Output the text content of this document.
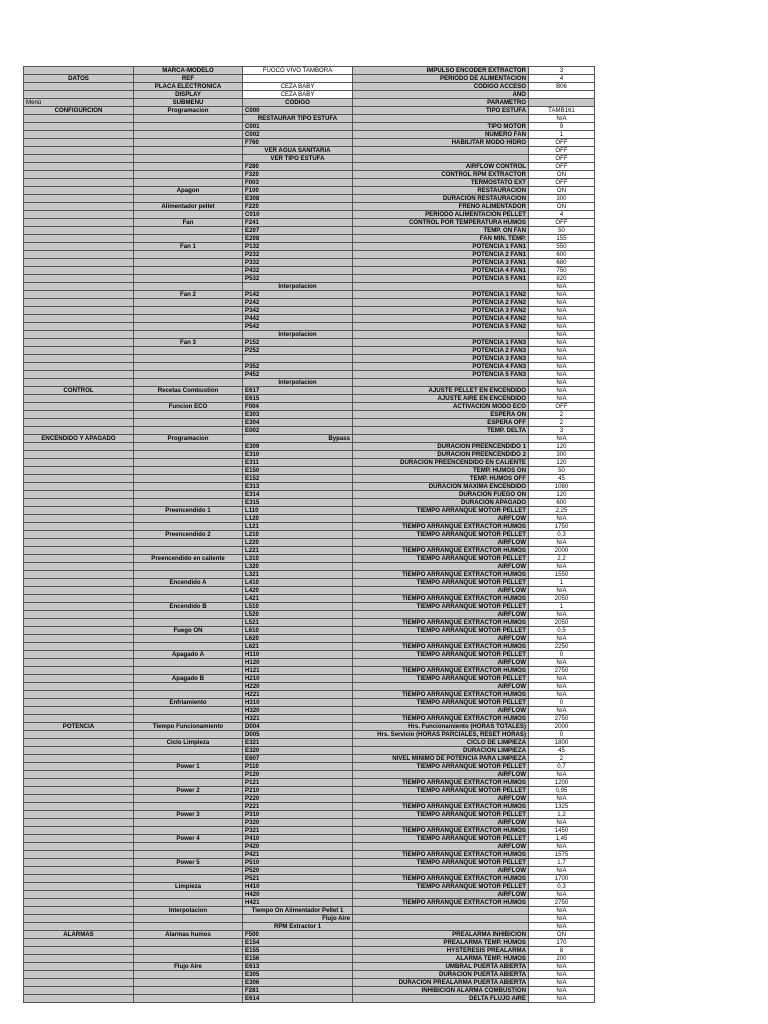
	MARCA-MODELO	FUOCO VIVO TAMBORA	IMPULSO ENCODER EXTRACTOR	3
DATOS	REF		PERIODO DE ALIMENTACION	4
	PLACA ELECTRONICA	CEZA BABY	CODIGO ACCESO	B06
	DISPLAY	CEZA BABY	AÑO	
Menú	SUBMENU	CODIGO	PARAMETRO	
CONFIGURCION	Programacion	C000	TIPO ESTUFA	TAMB161
		RESTAURAR TIPO ESTUFA		N/A
		C001	TIPO MOTOR	9
		C002	NUMERO FAN	1
		F760	HABILITAR MODO HIDRO	OFF
		VER AGUA SANITARIA		OFF
		VER TIPO ESTUFA		OFF
		F280	AIRFLOW CONTROL	OFF
		F320	CONTROL RPM EXTRACTOR	ON
		F003	TERMOSTATO EXT	OFF
	Apagon	F100	RESTAURACION	ON
		E308	DURACION RESTAURACION	300
	Alimentador pellet	F220	FRENO ALIMENTADOR	ON
		C010	PERIODO ALIMENTACION PELLET	4
	Fan	F241	CONTROL POR TEMPERATURA HUMOS	OFF
		E207	TEMP. ON FAN	50
		E208	FAN MIN. TEMP.	155
	Fan 1	P132	POTENCIA 1 FAN1	550
		P232	POTENCIA 2 FAN1	600
		P332	POTENCIA 3 FAN1	680
		P432	POTENCIA 4 FAN1	750
		P532	POTENCIA 5 FAN1	820
		Interpolacion		N/A
	Fan 2	P142	POTENCIA 1 FAN2	N/A
		P242	POTENCIA 2 FAN2	N/A
		P342	POTENCIA 3 FAN2	N/A
		P442	POTENCIA 4 FAN2	N/A
		P542	POTENCIA 5 FAN2	N/A
		Interpolacion		N/A
	Fan 3	P152	POTENCIA 1 FAN3	N/A
		P252	POTENCIA 2 FAN3	N/A
			POTENCIA 3 FAN3	N/A
		P352	POTENCIA 4 FAN3	N/A
		P452	POTENCIA 5 FAN3	N/A
		Interpolacion		N/A
CONTROL	Recetas Combustión	E617	AJUSTE PELLET EN ENCENDIDO	N/A
		E615	AJUSTE AIRE EN ENCENDIDO	N/A
	Funcion ECO	F004	ACTIVACION MODO ECO	OFF
		E303	ESPERA ON	2
		E304	ESPERA OFF	2
		E002	TEMP. DELTA	3
ENCENDIDO Y APAGADO	Programacion	Bypass		N/A
		E309	DURACION PREENCENDIDO 1	120
		E310	DURACION PREENCENDIDO 2	300
		E311	DURACION PREENCENDIDO EN CALIENTE	120
		E150	TEMP. HUMOS ON	50
		E152	TEMP. HUMOS OFF	45
		E313	DURACION MAXIMA ENCENDIDO	1080
		E314	DURACION FUEGO ON	120
		E315	DURACION APAGADO	600
	Preencendido 1	L110	TIEMPO ARRANQUE MOTOR PELLET	2,25
		L120	AIRFLOW	N/A
		L121	TIEMPO ARRANQUE EXTRACTOR HUMOS	1750
	Preencendido 2	L210	TIEMPO ARRANQUE MOTOR PELLET	0,3
		L220	AIRFLOW	N/A
		L221	TIEMPO ARRANQUE EXTRACTOR HUMOS	2000
	Preencendido en caliente	L310	TIEMPO ARRANQUE MOTOR PELLET	2,2
		L320	AIRFLOW	N/A
		L321	TIEMPO ARRANQUE EXTRACTOR HUMOS	1550
	Encendido A	L410	TIEMPO ARRANQUE MOTOR PELLET	1
		L420	AIRFLOW	N/A
		L421	TIEMPO ARRANQUE EXTRACTOR HUMOS	2050
	Encendido B	L510	TIEMPO ARRANQUE MOTOR PELLET	1
		L520	AIRFLOW	N/A
		L521	TIEMPO ARRANQUE EXTRACTOR HUMOS	2050
	Fuego ON	L610	TIEMPO ARRANQUE MOTOR PELLET	0,5
		L620	AIRFLOW	N/A
		L621	TIEMPO ARRANQUE EXTRACTOR HUMOS	2250
	Apagado A	H110	TIEMPO ARRANQUE MOTOR PELLET	0
		H120	AIRFLOW	N/A
		H121	TIEMPO ARRANQUE EXTRACTOR HUMOS	2750
	Apagado B	H210	TIEMPO ARRANQUE MOTOR PELLET	N/A
		H220	AIRFLOW	N/A
		H221	TIEMPO ARRANQUE EXTRACTOR HUMOS	N/A
	Enfriamiento	H310	TIEMPO ARRANQUE MOTOR PELLET	0
		H320	AIRFLOW	N/A
		H321	TIEMPO ARRANQUE EXTRACTOR HUMOS	2750
POTENCIA	Tiempo Funcionamiento	D004	Hrs. Funcionamiento (HORAS TOTALES)	2000
		D005	Hrs. Servicio (HORAS PARCIALES, RESET HORAS)	0
	Ciclo Limpieza	E321	CICLO DE LIMPIEZA	1800
		E320	DURACION LIMPIEZA	45
		E607	NIVEL MINIMO DE POTENCIA PARA LIMPIEZA	2
	Power 1	P110	TIEMPO ARRANQUE MOTOR PELLET	0,7
		P120	AIRFLOW	N/A
		P121	TIEMPO ARRANQUE EXTRACTOR HUMOS	1200
	Power 2	P210	TIEMPO ARRANQUE MOTOR PELLET	0,95
		P220	AIRFLOW	N/A
		P221	TIEMPO ARRANQUE EXTRACTOR HUMOS	1325
	Power 3	P310	TIEMPO ARRANQUE MOTOR PELLET	1,2
		P320	AIRFLOW	N/A
		P321	TIEMPO ARRANQUE EXTRACTOR HUMOS	1450
	Power 4	P410	TIEMPO ARRANQUE MOTOR PELLET	1,45
		P420	AIRFLOW	N/A
		P421	TIEMPO ARRANQUE EXTRACTOR HUMOS	1575
	Power 5	P510	TIEMPO ARRANQUE MOTOR PELLET	1,7
		P520	AIRFLOW	N/A
		P521	TIEMPO ARRANQUE EXTRACTOR HUMOS	1700
	Limpieza	H410	TIEMPO ARRANQUE MOTOR PELLET	0,3
		H420	AIRFLOW	N/A
		H421	TIEMPO ARRANQUE EXTRACTOR HUMOS	2750
	Interpolacion	Tiempo On Alimentador Pellet 1		N/A
		Flujo Aire		N/A
		RPM Extractor 1		N/A
ALARMAS	Alarmas humos	F500	PREALARMA INHIBICION	ON
		E154	PREALARMA TEMP. HUMOS	170
		E155	HYSTERESIS PREALARMA	8
		E156	ALARMA TEMP. HUMOS	200
	Flujo Aire	E613	UMBRAL PUERTA ABIERTA	N/A
		E305	DURACION PUERTA ABIERTA	N/A
		E306	DURACION PREALARMA PUERTA ABIERTA	N/A
		F281	INHIBICION ALARMA COMBUSTION	N/A
		E614	DELTA FLUJO AIRE	N/A
